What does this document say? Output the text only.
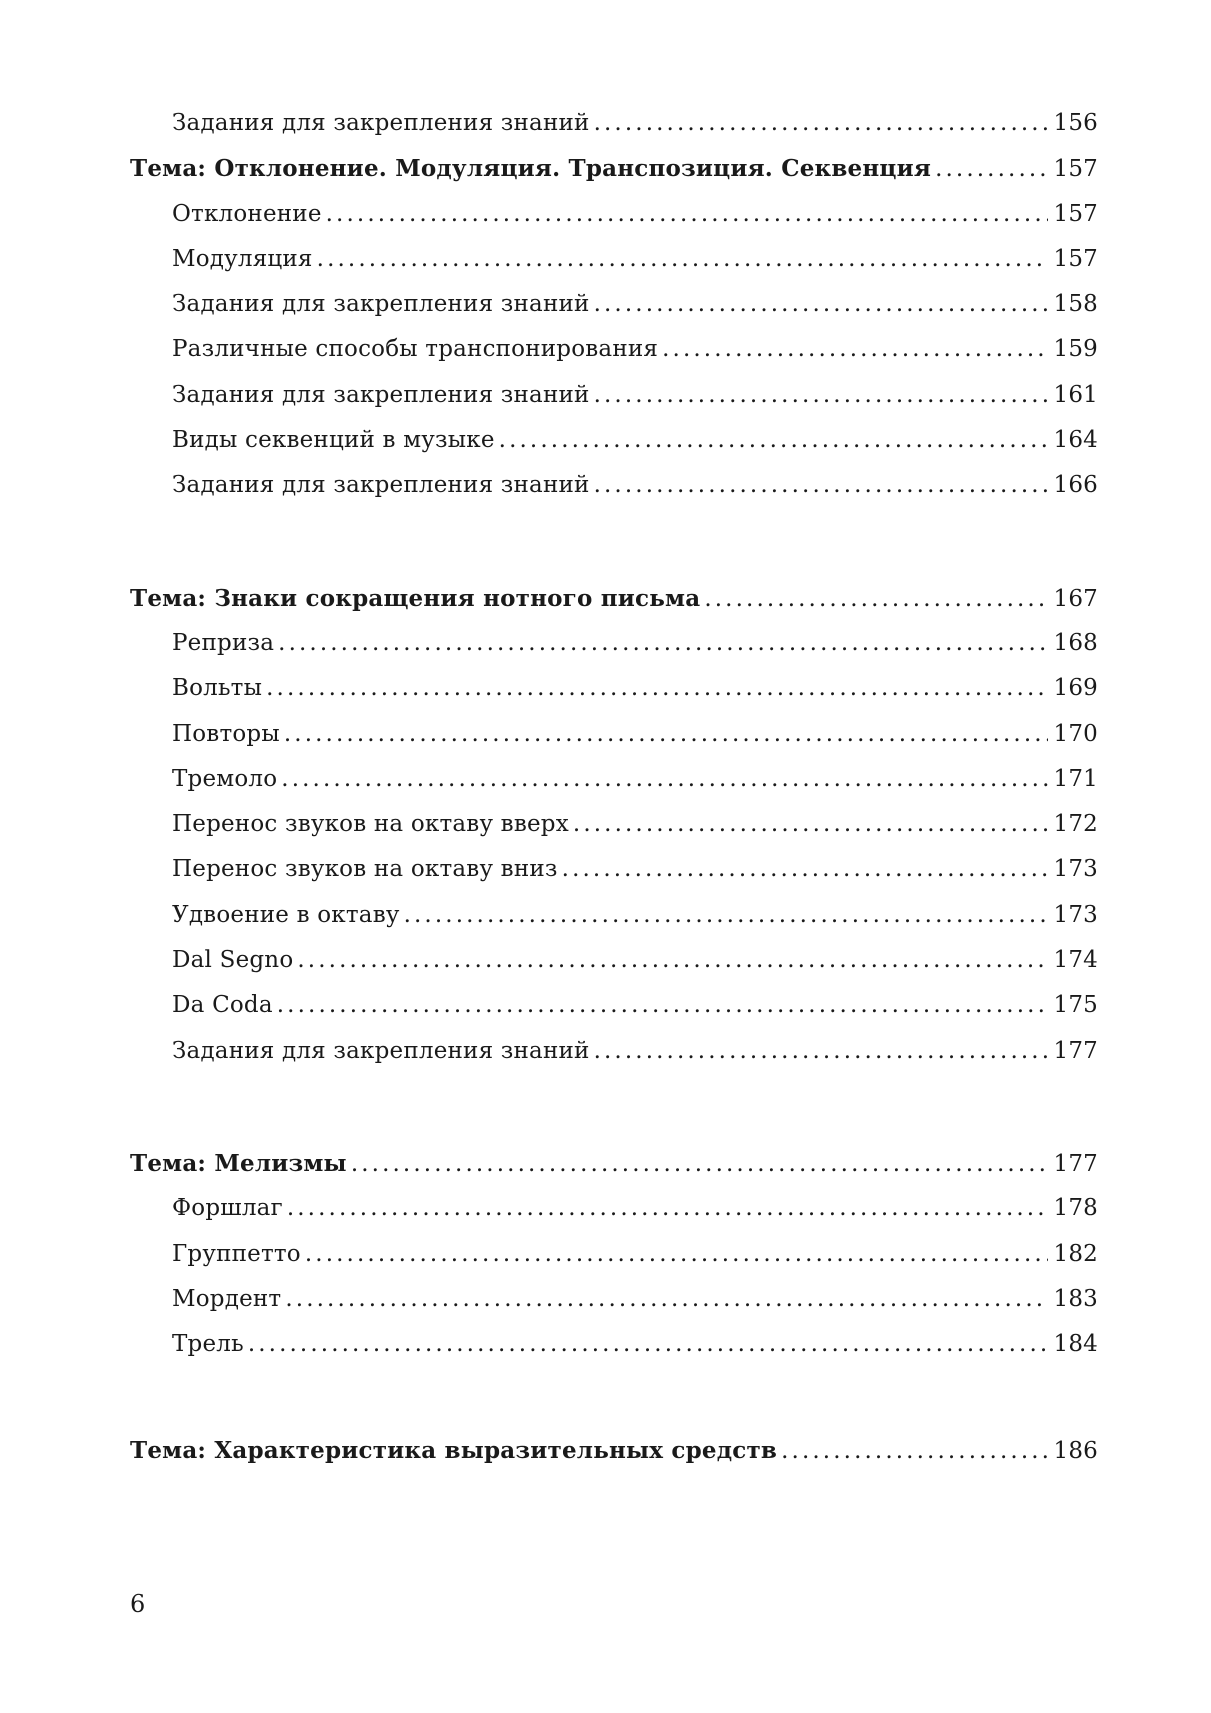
Задания для закрепления знаний . . .	156
Тема: Отклонение. Модуляция. Транспозиция. Секвенция . . .	157
Отклонение . . .	157
Модуляция . . .	157
Задания для закрепления знаний . . .	158
Различные способы транспонирования . . .	159
Задания для закрепления знаний . . .	161
Виды секвенций в музыке . . .	164
Задания для закрепления знаний . . .	166
Тема: Знаки сокращения нотного письма . . .	167
Реприза . . .	168
Вольты . . .	169
Повторы . . .	170
Тремоло . . .	171
Перенос звуков на октаву вверх . . .	172
Перенос звуков на октаву вниз . . .	173
Удвоение в октаву . . .	173
Dal Segno . . .	174
Da Coda . . .	175
Задания для закрепления знаний . . .	177
Тема: Мелизмы . . .	177
Форшлаг . . .	178
Группетто . . .	182
Мордент . . .	183
Трель . . .	184
Тема: Характеристика выразительных средств . . .	186
6
